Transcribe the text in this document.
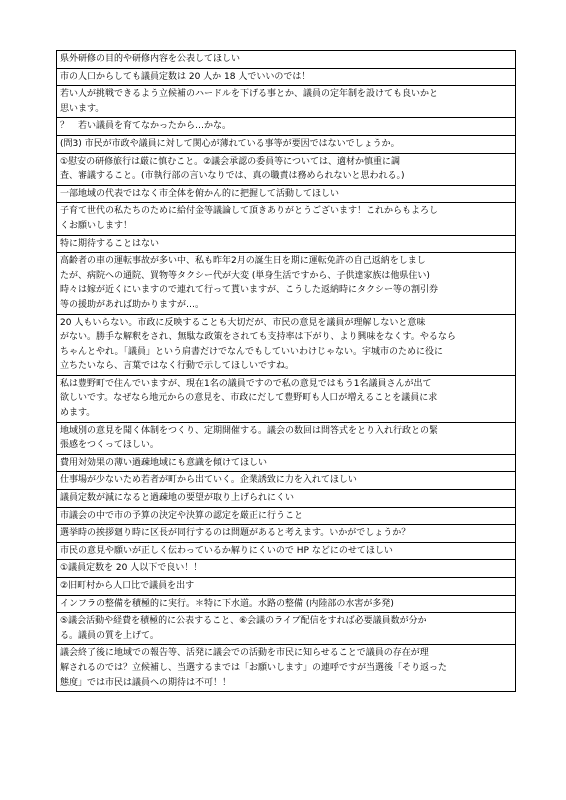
県外研修の目的や研修内容を公表してほしい

市の人口からしても議員定数は 20 人か 18 人でいいのでは！

若い人が挑戦できるよう立候補のハードルを下げる事とか、議員の定年制を設けても良いかと
思います。

？　若い議員を育てなかったから…かな。

(問3) 市民が市政や議員に対して関心が薄れている事等が要因ではないでしょうか。

①慰安の研修旅行は厳に慎むこと。②議会承認の委員等については、適材か慎重に調
査、審議すること。(市執行部の言いなりでは、真の職責は務められないと思われる。)

一部地域の代表ではなく市全体を俯かん的に把握して活動してほしい

子育て世代の私たちのために給付金等議論して頂きありがとうございます！これからもよろし
くお願いします！

特に期待することはない

高齢者の車の運転事故が多い中、私も昨年2月の誕生日を期に運転免許の自己返納をしまし
たが、病院への通院、買物等タクシー代が大変 (単身生活ですから、子供達家族は他県住い)
時々は嫁が近くにいますので連れて行って貰いますが、こうした返納時にタクシー等の割引券
等の援助があれば助かりますが…。

20 人もいらない。市政に反映することも大切だが、市民の意見を議員が理解しないと意味
がない。勝手な解釈をされ、無駄な政策をされても支持率は下がり、より興味をなくす。やるなら
ちゃんとやれ。「議員」という肩書だけでなんでもしていいわけじゃない。宇城市のために役に
立ちたいなら、言葉ではなく行動で示してほしいですね。

私は豊野町で住んでいますが、現在1名の議員ですので私の意見ではもう1名議員さんが出て
欲しいです。なぜなら地元からの意見を、市政にだして豊野町も人口が増えることを議員に求
めます。

地域別の意見を聞く体制をつくり、定期開催する。議会の数回は問答式をとり入れ行政との緊
張感をつくってほしい。

費用対効果の薄い過疎地域にも意識を傾けてほしい

仕事場が少ないため若者が町から出ていく。企業誘致に力を入れてほしい

議員定数が減になると過疎地の要望が取り上げられにくい

市議会の中で市の予算の決定や決算の認定を厳正に行うこと

選挙時の挨拶廻り時に区長が同行するのは問題があると考えます。いかがでしょうか？

市民の意見や願いが正しく伝わっているか解りにくいので HP などにのせてほしい

①議員定数を 20 人以下で良い！！

②旧町村から人口比で議員を出す

インフラの整備を積極的に実行。＊特に下水道。水路の整備 (内陸部の水害が多発)

⑤議会活動や経費を積極的に公表すること、⑥会議のライブ配信をすれば必要議員数が分か
る。議員の質を上げて。

議会終了後に地域での報告等、活発に議会での活動を市民に知らせることで議員の存在が理
解されるのでは？立候補し、当選するまでは「お願いします」の連呼ですが当選後「そり返った
態度」では市民は議員への期待は不可！！
